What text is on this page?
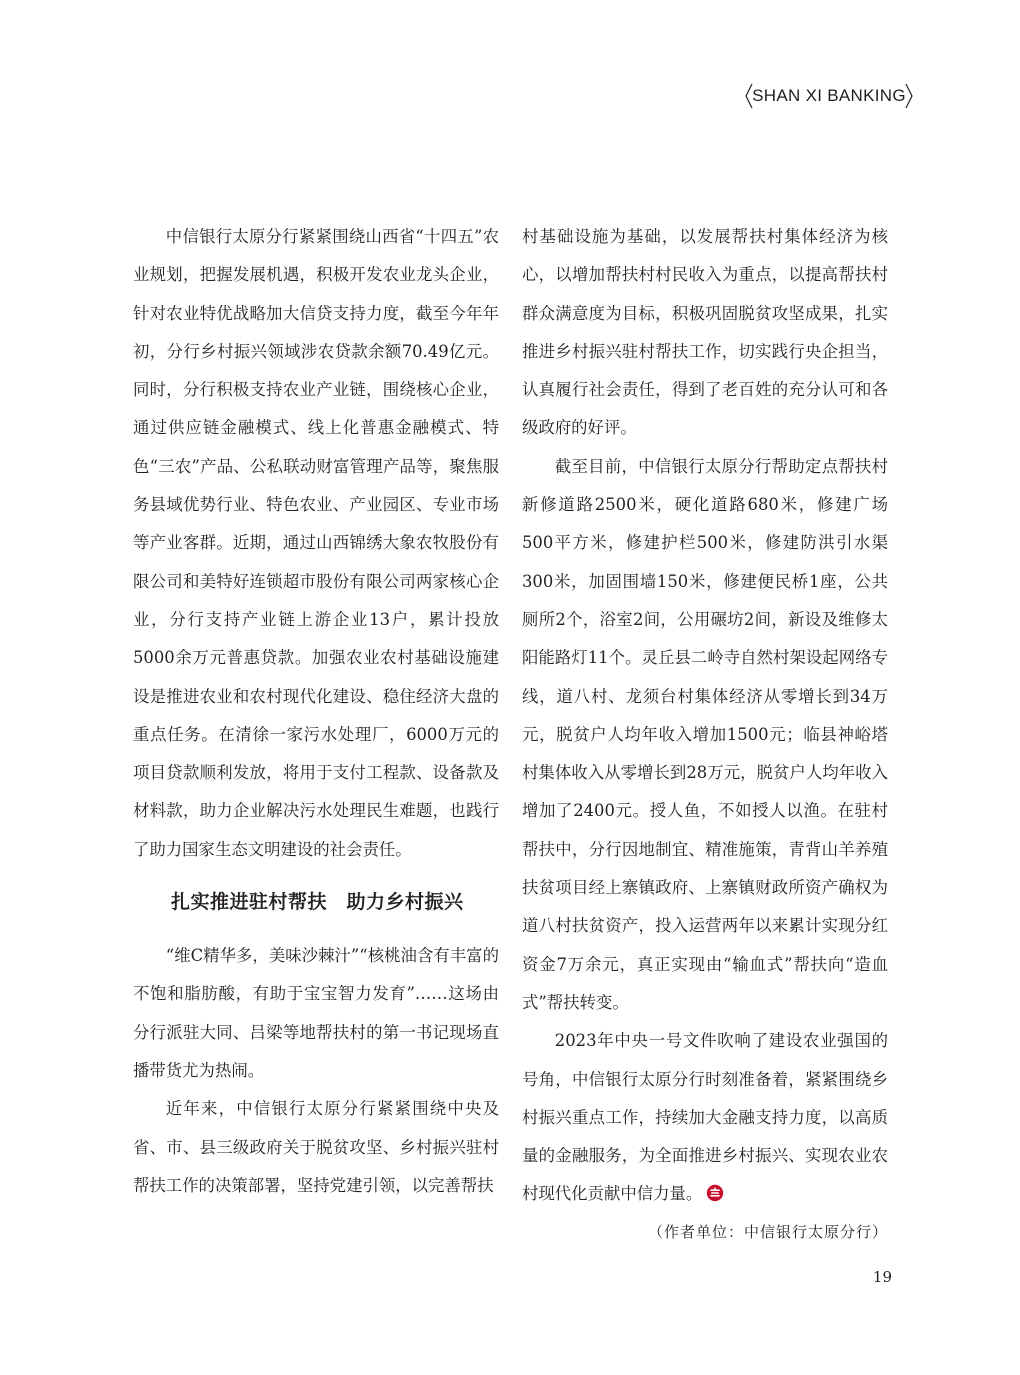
SHAN XI BANKING

中信银行太原分行紧紧围绕山西省“十四五”农业规划，把握发展机遇，积极开发农业龙头企业，针对农业特优战略加大信贷支持力度，截至今年年初，分行乡村振兴领域涉农贷款余额70.49亿元。同时，分行积极支持农业产业链，围绕核心企业，通过供应链金融模式、线上化普惠金融模式、特色“三农”产品、公私联动财富管理产品等，聚焦服务县域优势行业、特色农业、产业园区、专业市场等产业客群。近期，通过山西锦绣大象农牧股份有限公司和美特好连锁超市股份有限公司两家核心企业，分行支持产业链上游企业13户，累计投放5000余万元普惠贷款。加强农业农村基础设施建设是推进农业和农村现代化建设、稳住经济大盘的重点任务。在清徐一家污水处理厂，6000万元的项目贷款顺利发放，将用于支付工程款、设备款及材料款，助力企业解决污水处理民生难题，也践行了助力国家生态文明建设的社会责任。

扎实推进驻村帮扶　助力乡村振兴

“维C精华多，美味沙棘汁”“核桃油含有丰富的不饱和脂肪酸，有助于宝宝智力发育”……这场由分行派驻大同、吕梁等地帮扶村的第一书记现场直播带货尤为热闹。

近年来，中信银行太原分行紧紧围绕中央及省、市、县三级政府关于脱贫攻坚、乡村振兴驻村帮扶工作的决策部署，坚持党建引领，以完善帮扶

村基础设施为基础，以发展帮扶村集体经济为核心，以增加帮扶村村民收入为重点，以提高帮扶村群众满意度为目标，积极巩固脱贫攻坚成果，扎实推进乡村振兴驻村帮扶工作，切实践行央企担当，认真履行社会责任，得到了老百姓的充分认可和各级政府的好评。

截至目前，中信银行太原分行帮助定点帮扶村新修道路2500米，硬化道路680米，修建广场500平方米，修建护栏500米，修建防洪引水渠300米，加固围墙150米，修建便民桥1座，公共厕所2个，浴室2间，公用碾坊2间，新设及维修太阳能路灯11个。灵丘县二岭寺自然村架设起网络专线，道八村、龙须台村集体经济从零增长到34万元，脱贫户人均年收入增加1500元；临县神峪塔村集体收入从零增长到28万元，脱贫户人均年收入增加了2400元。授人鱼，不如授人以渔。在驻村帮扶中，分行因地制宜、精准施策，青背山羊养殖扶贫项目经上寨镇政府、上寨镇财政所资产确权为道八村扶贫资产，投入运营两年以来累计实现分红资金7万余元，真正实现由“输血式”帮扶向“造血式”帮扶转变。

2023年中央一号文件吹响了建设农业强国的号角，中信银行太原分行时刻准备着，紧紧围绕乡村振兴重点工作，持续加大金融支持力度，以高质量的金融服务，为全面推进乡村振兴、实现农业农村现代化贡献中信力量。

（作者单位：中信银行太原分行）
19
